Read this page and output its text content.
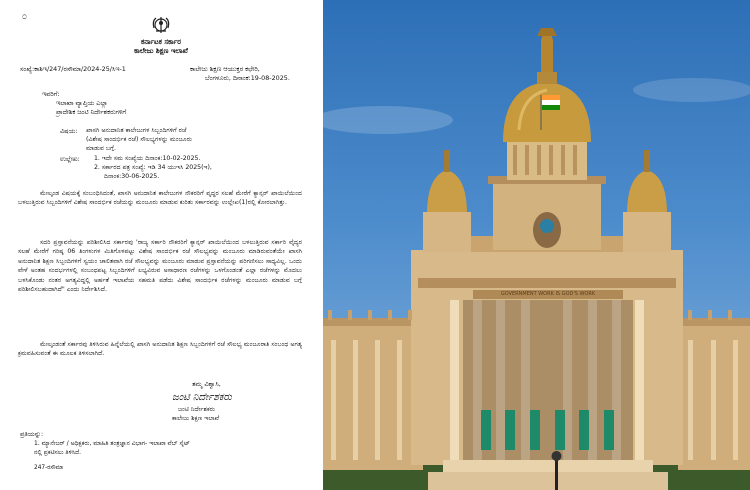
೦
ಕರ್ನಾಟಕ ಸರ್ಕಾರ
ಕಾಲೇಜು ಶಿಕ್ಷಣ ಇಲಾಖೆ
ಸಂಖ್ಯೆ:ಕಾಶಿಇ/247/ರಸೌಮಾ/2024-25/ಸಿಇ-1	ಕಾಲೇಜು ಶಿಕ್ಷಣ ಆಯುಕ್ತರ ಕಛೇರಿ,
ಬೆಂಗಳೂರು, ದಿನಾಂಕ:19-08-2025.
ಇವರಿಗೆ:
ಇಲಾಖಾ ವ್ಯಾಪ್ತಿಯ ಎಲ್ಲಾ
ಪ್ರಾದೇಶಿಕ ಜಂಟಿ ನಿರ್ದೇಶಕರುಗಳಿಗೆ
ವಿಷಯ: ಖಾಸಗಿ ಅನುದಾನಿತ ಕಾಲೇಜುಗಳ ಸಿಬ್ಬಂದಿಗಳಿಗೆ ರಜೆ
(ವಿಶೇಷ ಸಾಂದರ್ಭಿಕ ರಜೆ) ಸೌಲಭ್ಯಗಳನ್ನು ಮಂಜೂರು
ಮಾಡುವ ಬಗ್ಗೆ.
ಉಲ್ಲೇಖ: 1. ಇದೇ ಸಮ ಸಂಖ್ಯೆಯ ದಿನಾಂಕ:10-02-2025.
2. ಸರ್ಕಾರದ ಪತ್ರ ಸಂಖ್ಯೆ: ಇಡಿ 34 ಯುಇಸಿ 2025(ಇ),
ದಿನಾಂಕ:30-06-2025.
ಮೇಲ್ಕಂಡ ವಿಷಯಕ್ಕೆ ಸಂಬಂಧಿಸಿದಂತೆ, ಖಾಸಗಿ ಅನುದಾನಿತ ಕಾಲೇಜುಗಳ ನೌಕರರಿಗೆ ವೃದ್ಧರ ಸಲಹೆ ಮೇರೆಗೆ ಕ್ಯಾನ್ಸರ್ ಖಾಯಿಲೆಯಿಂದ ಬಳಲುತ್ತಿರುವ ಸಿಬ್ಬಂದಿಗಳಿಗೆ ವಿಶೇಷ ಸಾಂದರ್ಭಿಕ ರಜೆಯನ್ನು ಮಂಜೂರು ಮಾಡುವ ಕುರಿತು ಸರ್ಕಾರವನ್ನು ಉಲ್ಲೇಖ(1)ರಲ್ಲಿ ಕೋರಲಾಗಿತ್ತು.
ಸದರಿ ಪ್ರಸ್ತಾವನೆಯನ್ನು ಪರಿಶೀಲಿಸಿದ ಸರ್ಕಾರವು 'ರಾಜ್ಯ ಸರ್ಕಾರಿ ನೌಕರರಿಗೆ ಕ್ಯಾನ್ಸರ್ ಖಾಯಿಲೆಯಿಂದ ಬಳಲುತ್ತಿರುವ ಸರ್ಕಾರಿ ವೈದ್ಯರ ಸಲಹೆ ಮೇರೆಗೆ ಗರಿಷ್ಠ 06 ತಿಂಗಳುಗಳ ಮಿತಿಗೊಳಪಟ್ಟು ವಿಶೇಷ ಸಾಂದರ್ಭಿಕ ರಜೆ ಸೌಲಭ್ಯವನ್ನು ಮಂಜೂರು ಮಾಡಿರುವಂತೆಯೇ ಖಾಸಗಿ ಅನುದಾನಿತ ಶಿಕ್ಷಣ ಸಿಬ್ಬಂದಿಗಳಿಗೆ ಸ್ವಯಂ ಚಾಲಿತವಾಗಿ ರಜೆ ಸೌಲಭ್ಯವನ್ನು ಮಂಜೂರು ಮಾಡುವ ಪ್ರಸ್ತಾವನೆಯನ್ನು ಪರಿಗಣಿಸಲು ಸಾಧ್ಯವಿಲ್ಲ. ಒಂದು ವೇಳೆ ಅಂತಹ ಸಂದರ್ಭಗಳಲ್ಲಿ ಸಂಬಂಧಪಟ್ಟ ಸಿಬ್ಬಂದಿಗಳಿಗೆ ಲಭ್ಯವಿರುವ ಅಸಾಧಾರಣ ರಜೆಗಳನ್ನು ಒಳಗೊಂಡಂತೆ ಎಲ್ಲಾ ರಜೆಗಳನ್ನು ಮೊದಲು ಬಳಸಿಕೊಂಡು ನಂತರ ಅಗತ್ಯವಿದ್ದಲ್ಲಿ ಅರ್ಹತೆ ಇಲಾಖೆಯ ಸಹಮತಿ ಪಡೆದು ವಿಶೇಷ ಸಾಂದರ್ಭಿಕ ರಜೆಗಳನ್ನು ಮಂಜೂರು ಮಾಡುವ ಬಗ್ಗೆ ಪರಿಶೀಲಿಸಬಹುದಾಗಿದೆ" ಎಂದು ನಿರ್ದೇಶಿಸಿದೆ.
ಮೇಲ್ಕಂಡಂತೆ ಸರ್ಕಾರವು ತಿಳಿಸಿರುವ ಹಿನ್ನೆಲೆಯಲ್ಲಿ ಖಾಸಗಿ ಅನುದಾನಿತ ಶಿಕ್ಷಣ ಸಿಬ್ಬಂದಿಗಳಿಗೆ ರಜೆ ಸೌಲಭ್ಯ ಮಂಜೂರಾತಿ ಸಂಬಂಧ ಅಗತ್ಯ ಕ್ರಮವಹಿಸುವಂತೆ ಈ ಮೂಲಕ ತಿಳಿಸಲಾಗಿದೆ.
ತಮ್ಮ ವಿಶ್ವಾಸಿ,
ಜಂಟಿ ನಿರ್ದೇಶಕರು
ಜಂಟಿ ನಿರ್ದೇಶಕರು
ಕಾಲೇಜು ಶಿಕ್ಷಣ ಇಲಾಖೆ
ಪ್ರತಿಯನ್ನು:
1. ಮ್ಯಾನೇಜರ್ / ಅಧಿಕ್ಷಕರು, ಮಾಹಿತಿ ತಂತ್ರಜ್ಞಾನ ವಿಭಾಗ- ಇಲಾಖಾ ವೆಬ್ ಸೈಟ್
ನಲ್ಲಿ ಪ್ರಕಟಿಸಲು ತಿಳಿಸಿದೆ.
247-ರಸೌಮಾ
GOVERNMENT WORK IS GOD'S WORK
